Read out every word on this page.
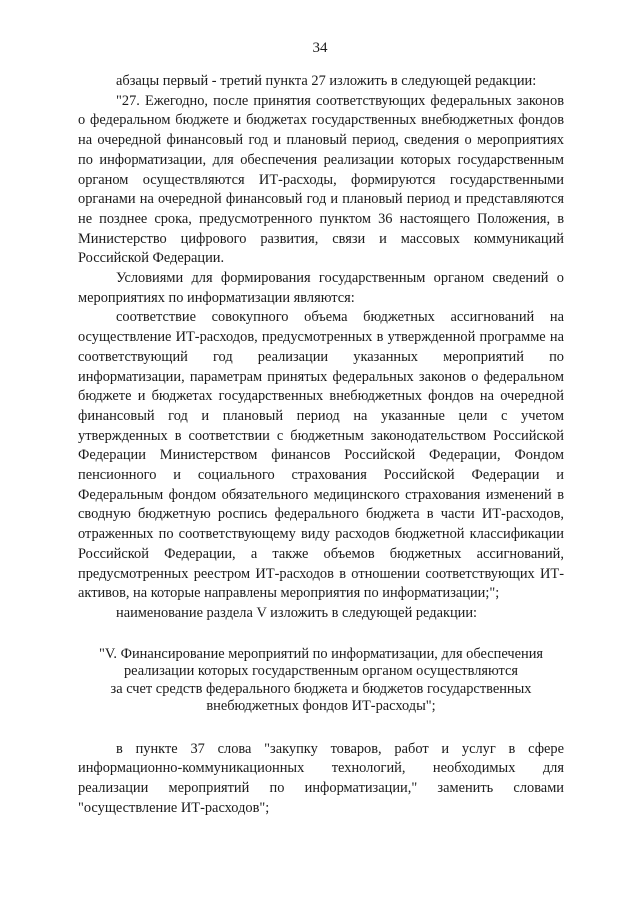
34

абзацы первый - третий пункта 27 изложить в следующей редакции:

"27. Ежегодно, после принятия соответствующих федеральных законов о федеральном бюджете и бюджетах государственных внебюджетных фондов на очередной финансовый год и плановый период, сведения о мероприятиях по информатизации, для обеспечения реализации которых государственным органом осуществляются ИТ-расходы, формируются государственными органами на очередной финансовый год и плановый период и представляются не позднее срока, предусмотренного пунктом 36 настоящего Положения, в Министерство цифрового развития, связи и массовых коммуникаций Российской Федерации.

Условиями для формирования государственным органом сведений о мероприятиях по информатизации являются:

соответствие совокупного объема бюджетных ассигнований на осуществление ИТ-расходов, предусмотренных в утвержденной программе на соответствующий год реализации указанных мероприятий по информатизации, параметрам принятых федеральных законов о федеральном бюджете и бюджетах государственных внебюджетных фондов на очередной финансовый год и плановый период на указанные цели с учетом утвержденных в соответствии с бюджетным законодательством Российской Федерации Министерством финансов Российской Федерации, Фондом пенсионного и социального страхования Российской Федерации и Федеральным фондом обязательного медицинского страхования изменений в сводную бюджетную роспись федерального бюджета в части ИТ-расходов, отраженных по соответствующему виду расходов бюджетной классификации Российской Федерации, а также объемов бюджетных ассигнований, предусмотренных реестром ИТ-расходов в отношении соответствующих ИТ-активов, на которые направлены мероприятия по информатизации;";

наименование раздела V изложить в следующей редакции:

"V. Финансирование мероприятий по информатизации, для обеспечения
реализации которых государственным органом осуществляются
за счет средств федерального бюджета и бюджетов государственных
внебюджетных фондов ИТ-расходы";

в пункте 37 слова "закупку товаров, работ и услуг в сфере информационно-коммуникационных технологий, необходимых для реализации мероприятий по информатизации," заменить словами "осуществление ИТ-расходов";
